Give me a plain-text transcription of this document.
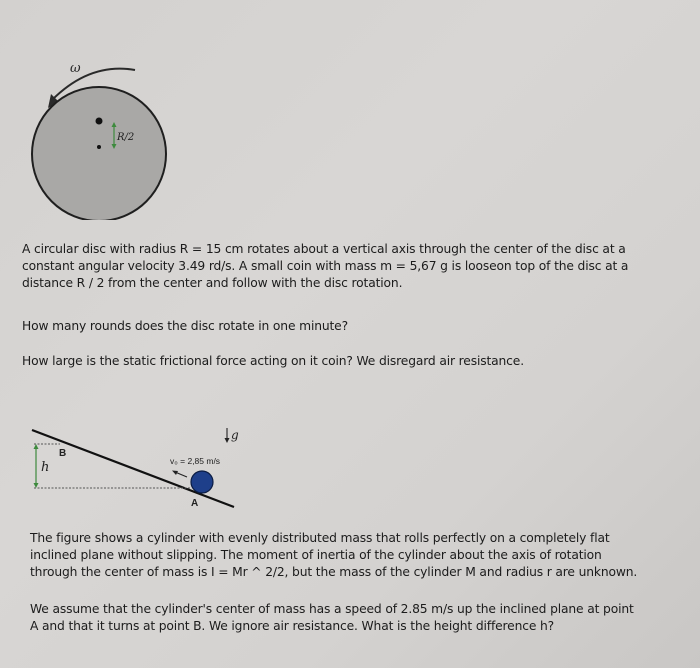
ω
R/2
A circular disc with radius R = 15 cm rotates about a vertical axis through the center of the disc at a
constant angular velocity 3.49 rd/s. A small coin with mass m = 5,67 g is looseon top of the disc at a
distance R / 2 from the center and follow with the disc rotation.
How many rounds does the disc rotate in one minute?
How large is the static frictional force acting on it coin? We disregard air resistance.
h
B
A
v₀ = 2,85 m/s
g
The figure shows a cylinder with evenly distributed mass that rolls perfectly on a completely flat
inclined plane without slipping. The moment of inertia of the cylinder about the axis of rotation
through the center of mass is I = Mr ^ 2/2, but the mass of the cylinder M and radius r are unknown.
We assume that the cylinder's center of mass has a speed of 2.85 m/s up the inclined plane at point
A and that it turns at point B. We ignore air resistance. What is the height difference h?
